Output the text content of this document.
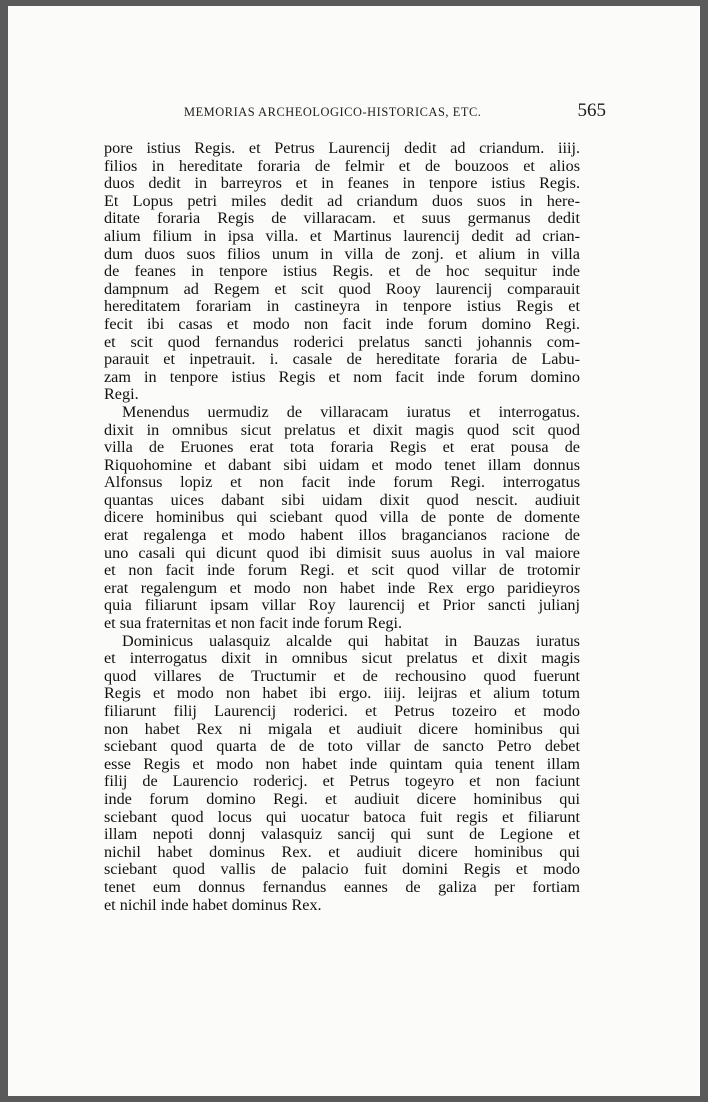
MEMORIAS ARCHEOLOGICO-HISTORICAS, ETC.	565
pore istius Regis. et Petrus Laurencij dedit ad criandum. iiij.
filios in hereditate foraria de felmir et de bouzoos et alios
duos dedit in barreyros et in feanes in tenpore istius Regis.
Et Lopus petri miles dedit ad criandum duos suos in here-
ditate foraria Regis de villaracam. et suus germanus dedit
alium filium in ipsa villa. et Martinus laurencij dedit ad crian-
dum duos suos filios unum in villa de zonj. et alium in villa
de feanes in tenpore istius Regis. et de hoc sequitur inde
dampnum ad Regem et scit quod Rooy laurencij comparauit
hereditatem forariam in castineyra in tenpore istius Regis et
fecit ibi casas et modo non facit inde forum domino Regi.
et scit quod fernandus roderici prelatus sancti johannis com-
parauit et inpetrauit. i. casale de hereditate foraria de Labu-
zam in tenpore istius Regis et nom facit inde forum domino
Regi.
Menendus uermudiz de villaracam iuratus et interrogatus.
dixit in omnibus sicut prelatus et dixit magis quod scit quod
villa de Eruones erat tota foraria Regis et erat pousa de
Riquohomine et dabant sibi uidam et modo tenet illam donnus
Alfonsus lopiz et non facit inde forum Regi. interrogatus
quantas uices dabant sibi uidam dixit quod nescit. audiuit
dicere hominibus qui sciebant quod villa de ponte de domente
erat regalenga et modo habent illos bragancianos racione de
uno casali qui dicunt quod ibi dimisit suus auolus in val maiore
et non facit inde forum Regi. et scit quod villar de trotomir
erat regalengum et modo non habet inde Rex ergo paridieyros
quia filiarunt ipsam villar Roy laurencij et Prior sancti julianj
et sua fraternitas et non facit inde forum Regi.
Dominicus ualasquiz alcalde qui habitat in Bauzas iuratus
et interrogatus dixit in omnibus sicut prelatus et dixit magis
quod villares de Tructumir et de rechousino quod fuerunt
Regis et modo non habet ibi ergo. iiij. leijras et alium totum
filiarunt filij Laurencij roderici. et Petrus tozeiro et modo
non habet Rex ni migala et audiuit dicere hominibus qui
sciebant quod quarta de de toto villar de sancto Petro debet
esse Regis et modo non habet inde quintam quia tenent illam
filij de Laurencio rodericj. et Petrus togeyro et non faciunt
inde forum domino Regi. et audiuit dicere hominibus qui
sciebant quod locus qui uocatur batoca fuit regis et filiarunt
illam nepoti donnj valasquiz sancij qui sunt de Legione et
nichil habet dominus Rex. et audiuit dicere hominibus qui
sciebant quod vallis de palacio fuit domini Regis et modo
tenet eum donnus fernandus eannes de galiza per fortiam
et nichil inde habet dominus Rex.
